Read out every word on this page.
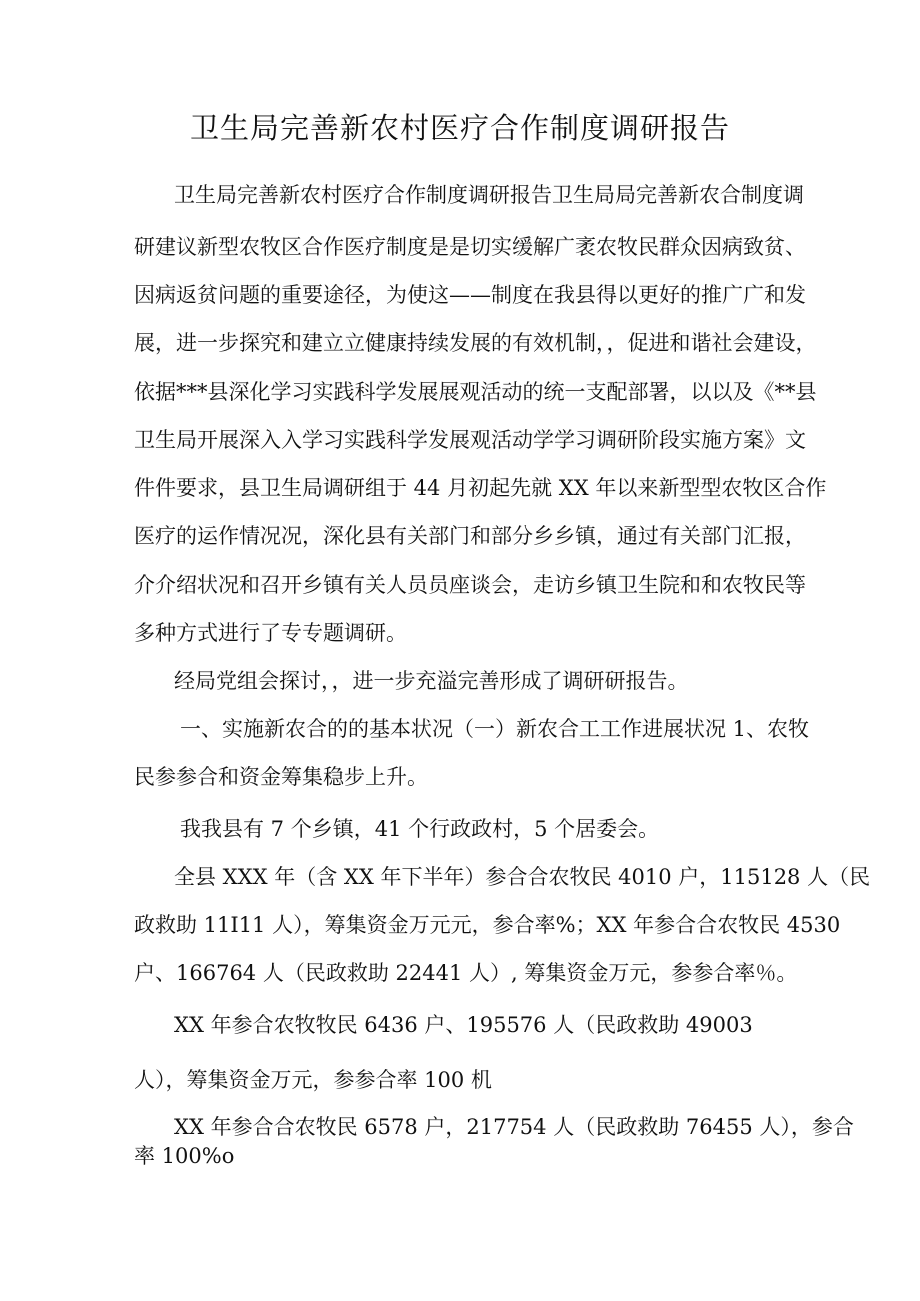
卫生局完善新农村医疗合作制度调研报告
卫生局完善新农村医疗合作制度调研报告卫生局局完善新农合制度调
研建议新型农牧区合作医疗制度是是切实缓解广袤农牧民群众因病致贫、
因病返贫问题的重要途径，为使这——制度在我县得以更好的推广广和发
展，进一步探究和建立立健康持续发展的有效机制，，促进和谐社会建设，
依据***县深化学习实践科学发展展观活动的统一支配部署，以以及《**县
卫生局开展深入入学习实践科学发展观活动学学习调研阶段实施方案》文
件件要求，县卫生局调研组于 44 月初起先就 XX 年以来新型型农牧区合作
医疗的运作情况况，深化县有关部门和部分乡乡镇，通过有关部门汇报，
介介绍状况和召开乡镇有关人员员座谈会，走访乡镇卫生院和和农牧民等
多种方式进行了专专题调研。
经局党组会探讨，，进一步充溢完善形成了调研研报告。
一、实施新农合的的基本状况（一）新农合工工作进展状况 1、农牧
民参参合和资金筹集稳步上升。
我我县有 7 个乡镇，41 个行政政村，5 个居委会。
全县 XXX 年（含 XX 年下半年）参合合农牧民 4010 户，115128 人（民
政救助 11I11 人），筹集资金万元元，参合率%；XX 年参合合农牧民 4530
户、166764 人（民政救助 22441 人）, 筹集资金万元，参参合率％。
XX 年参合农牧牧民 6436 户、195576 人（民政救助 49003
人），筹集资金万元，参参合率 100 机
XX 年参合合农牧民 6578 户，217754 人（民政救助 76455 人），参合
率 100%o
